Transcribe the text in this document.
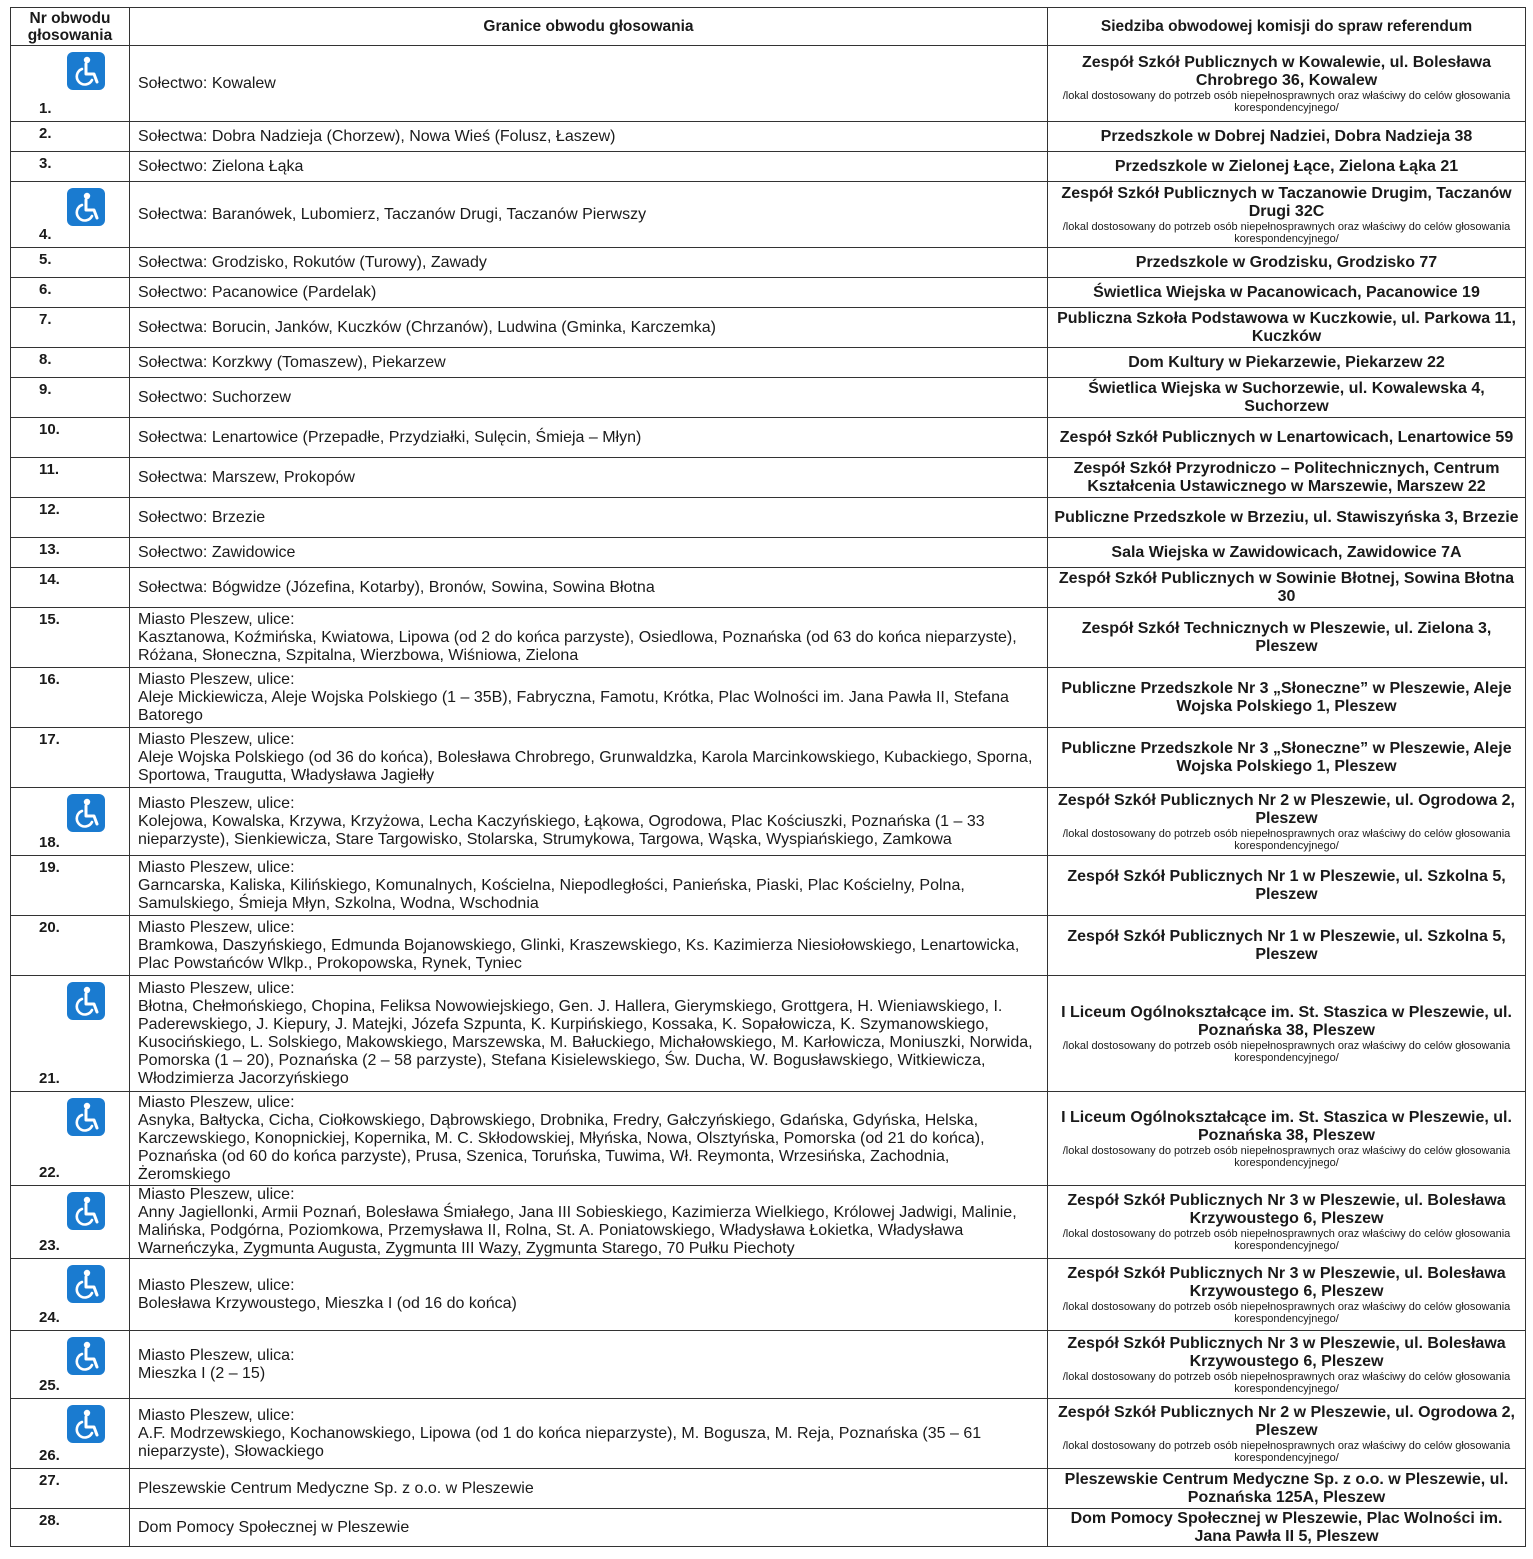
Nr obwodu głosowania	Granice obwodu głosowania	Siedziba obwodowej komisji do spraw referendum

1.	Sołectwo: Kowalew	Zespół Szkół Publicznych w Kowalewie, ul. Bolesława Chrobrego 36, Kowalew
/lokal dostosowany do potrzeb osób niepełnosprawnych oraz właściwy do celów głosowania korespondencyjnego/

2.	Sołectwa: Dobra Nadzieja (Chorzew), Nowa Wieś (Folusz, Łaszew)	Przedszkole w Dobrej Nadziei, Dobra Nadzieja 38

3.	Sołectwo: Zielona Łąka	Przedszkole w Zielonej Łące, Zielona Łąka 21

4.	Sołectwa: Baranówek, Lubomierz, Taczanów Drugi, Taczanów Pierwszy	Zespół Szkół Publicznych w Taczanowie Drugim, Taczanów Drugi 32C
/lokal dostosowany do potrzeb osób niepełnosprawnych oraz właściwy do celów głosowania korespondencyjnego/

5.	Sołectwa: Grodzisko, Rokutów (Turowy), Zawady	Przedszkole w Grodzisku, Grodzisko 77

6.	Sołectwo: Pacanowice (Pardelak)	Świetlica Wiejska w Pacanowicach, Pacanowice 19

7.	Sołectwa: Borucin, Janków, Kuczków (Chrzanów), Ludwina (Gminka, Karczemka)	Publiczna Szkoła Podstawowa w Kuczkowie, ul. Parkowa 11, Kuczków

8.	Sołectwa: Korzkwy (Tomaszew), Piekarzew	Dom Kultury w Piekarzewie, Piekarzew 22

9.	Sołectwo: Suchorzew	Świetlica Wiejska w Suchorzewie, ul. Kowalewska 4, Suchorzew

10.	Sołectwa: Lenartowice (Przepadłe, Przydziałki, Sulęcin, Śmieja – Młyn)	Zespół Szkół Publicznych w Lenartowicach, Lenartowice 59

11.	Sołectwa: Marszew, Prokopów	Zespół Szkół Przyrodniczo – Politechnicznych, Centrum Kształcenia Ustawicznego w Marszewie, Marszew 22

12.	Sołectwo: Brzezie	Publiczne Przedszkole w Brzeziu, ul. Stawiszyńska 3, Brzezie

13.	Sołectwo: Zawidowice	Sala Wiejska w Zawidowicach, Zawidowice 7A

14.	Sołectwa: Bógwidze (Józefina, Kotarby), Bronów, Sowina, Sowina Błotna	Zespół Szkół Publicznych w Sowinie Błotnej, Sowina Błotna 30

15.	Miasto Pleszew, ulice:
Kasztanowa, Koźmińska, Kwiatowa, Lipowa (od 2 do końca parzyste), Osiedlowa, Poznańska (od 63 do końca nieparzyste), Różana, Słoneczna, Szpitalna, Wierzbowa, Wiśniowa, Zielona	Zespół Szkół Technicznych w Pleszewie, ul. Zielona 3, Pleszew

16.	Miasto Pleszew, ulice:
Aleje Mickiewicza, Aleje Wojska Polskiego (1 – 35B), Fabryczna, Famotu, Krótka, Plac Wolności im. Jana Pawła II, Stefana Batorego	Publiczne Przedszkole Nr 3 „Słoneczne” w Pleszewie, Aleje Wojska Polskiego 1, Pleszew

17.	Miasto Pleszew, ulice:
Aleje Wojska Polskiego (od 36 do końca), Bolesława Chrobrego, Grunwaldzka, Karola Marcinkowskiego, Kubackiego, Sporna, Sportowa, Traugutta, Władysława Jagiełły	Publiczne Przedszkole Nr 3 „Słoneczne” w Pleszewie, Aleje Wojska Polskiego 1, Pleszew

18.	Miasto Pleszew, ulice:
Kolejowa, Kowalska, Krzywa, Krzyżowa, Lecha Kaczyńskiego, Łąkowa, Ogrodowa, Plac Kościuszki, Poznańska (1 – 33 nieparzyste), Sienkiewicza, Stare Targowisko, Stolarska, Strumykowa, Targowa, Wąska, Wyspiańskiego, Zamkowa	Zespół Szkół Publicznych Nr 2 w Pleszewie, ul. Ogrodowa 2, Pleszew
/lokal dostosowany do potrzeb osób niepełnosprawnych oraz właściwy do celów głosowania korespondencyjnego/

19.	Miasto Pleszew, ulice:
Garncarska, Kaliska, Kilińskiego, Komunalnych, Kościelna, Niepodległości, Panieńska, Piaski, Plac Kościelny, Polna, Samulskiego, Śmieja Młyn, Szkolna, Wodna, Wschodnia	Zespół Szkół Publicznych Nr 1 w Pleszewie, ul. Szkolna 5, Pleszew

20.	Miasto Pleszew, ulice:
Bramkowa, Daszyńskiego, Edmunda Bojanowskiego, Glinki, Kraszewskiego, Ks. Kazimierza Niesiołowskiego, Lenartowicka, Plac Powstańców Wlkp., Prokopowska, Rynek, Tyniec	Zespół Szkół Publicznych Nr 1 w Pleszewie, ul. Szkolna 5, Pleszew

21.	Miasto Pleszew, ulice:
Błotna, Chełmońskiego, Chopina, Feliksa Nowowiejskiego, Gen. J. Hallera, Gierymskiego, Grottgera, H. Wieniawskiego, I. Paderewskiego, J. Kiepury, J. Matejki, Józefa Szpunta, K. Kurpińskiego, Kossaka, K. Sopałowicza, K. Szymanowskiego, Kusocińskiego, L. Solskiego, Makowskiego, Marszewska, M. Bałuckiego, Michałowskiego, M. Karłowicza, Moniuszki, Norwida, Pomorska (1 – 20), Poznańska (2 – 58 parzyste), Stefana Kisielewskiego, Św. Ducha, W. Bogusławskiego, Witkiewicza, Włodzimierza Jacorzyńskiego	I Liceum Ogólnokształcące im. St. Staszica w Pleszewie, ul. Poznańska 38, Pleszew
/lokal dostosowany do potrzeb osób niepełnosprawnych oraz właściwy do celów głosowania korespondencyjnego/

22.	Miasto Pleszew, ulice:
Asnyka, Bałtycka, Cicha, Ciołkowskiego, Dąbrowskiego, Drobnika, Fredry, Gałczyńskiego, Gdańska, Gdyńska, Helska, Karczewskiego, Konopnickiej, Kopernika, M. C. Skłodowskiej, Młyńska, Nowa, Olsztyńska, Pomorska (od 21 do końca), Poznańska (od 60 do końca parzyste), Prusa, Szenica, Toruńska, Tuwima, Wł. Reymonta, Wrzesińska, Zachodnia, Żeromskiego	I Liceum Ogólnokształcące im. St. Staszica w Pleszewie, ul. Poznańska 38, Pleszew
/lokal dostosowany do potrzeb osób niepełnosprawnych oraz właściwy do celów głosowania korespondencyjnego/

23.	Miasto Pleszew, ulice:
Anny Jagiellonki, Armii Poznań, Bolesława Śmiałego, Jana III Sobieskiego, Kazimierza Wielkiego, Królowej Jadwigi, Malinie, Malińska, Podgórna, Poziomkowa, Przemysława II, Rolna, St. A. Poniatowskiego, Władysława Łokietka, Władysława Warneńczyka, Zygmunta Augusta, Zygmunta III Wazy, Zygmunta Starego, 70 Pułku Piechoty	Zespół Szkół Publicznych Nr 3 w Pleszewie, ul. Bolesława Krzywoustego 6, Pleszew
/lokal dostosowany do potrzeb osób niepełnosprawnych oraz właściwy do celów głosowania korespondencyjnego/

24.	Miasto Pleszew, ulice:
Bolesława Krzywoustego, Mieszka I (od 16 do końca)	Zespół Szkół Publicznych Nr 3 w Pleszewie, ul. Bolesława Krzywoustego 6, Pleszew
/lokal dostosowany do potrzeb osób niepełnosprawnych oraz właściwy do celów głosowania korespondencyjnego/

25.	Miasto Pleszew, ulica:
Mieszka I (2 – 15)	Zespół Szkół Publicznych Nr 3 w Pleszewie, ul. Bolesława Krzywoustego 6, Pleszew
/lokal dostosowany do potrzeb osób niepełnosprawnych oraz właściwy do celów głosowania korespondencyjnego/

26.	Miasto Pleszew, ulice:
A.F. Modrzewskiego, Kochanowskiego, Lipowa (od 1 do końca nieparzyste), M. Bogusza, M. Reja, Poznańska (35 – 61 nieparzyste), Słowackiego	Zespół Szkół Publicznych Nr 2 w Pleszewie, ul. Ogrodowa 2, Pleszew
/lokal dostosowany do potrzeb osób niepełnosprawnych oraz właściwy do celów głosowania korespondencyjnego/

27.	Pleszewskie Centrum Medyczne Sp. z o.o. w Pleszewie	Pleszewskie Centrum Medyczne Sp. z o.o. w Pleszewie, ul. Poznańska 125A, Pleszew

28.	Dom Pomocy Społecznej w Pleszewie	Dom Pomocy Społecznej w Pleszewie, Plac Wolności im. Jana Pawła II 5, Pleszew
